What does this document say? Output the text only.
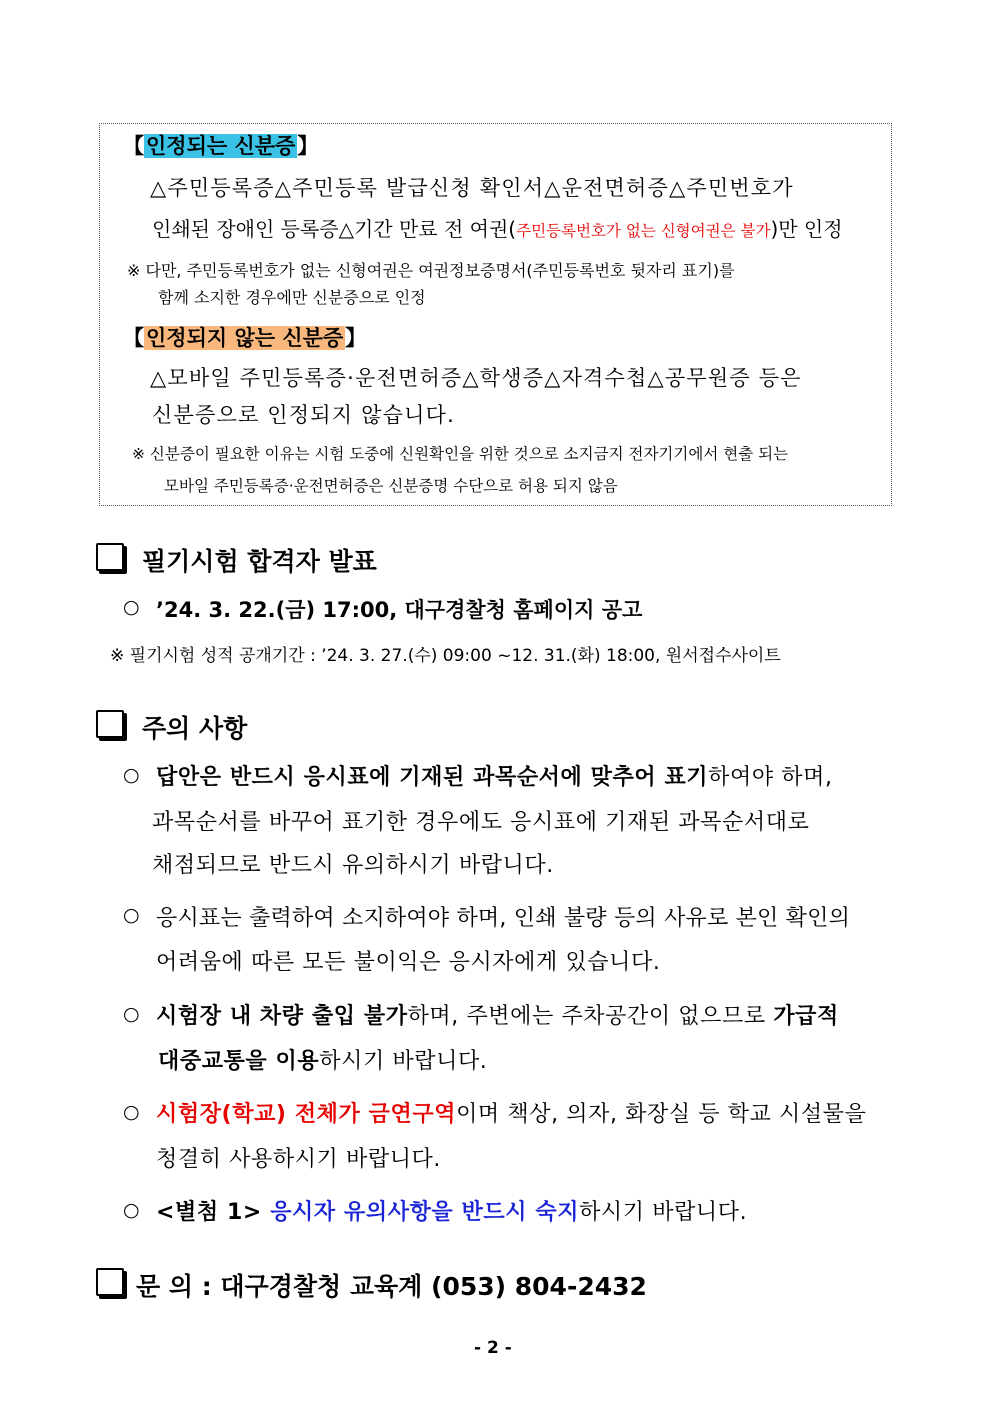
【인정되는 신분증】
△주민등록증△주민등록 발급신청 확인서△운전면허증△주민번호가
인쇄된 장애인 등록증△기간 만료 전 여권(주민등록번호가 없는 신형여권은 불가)만 인정
※ 다만, 주민등록번호가 없는 신형여권은 여권정보증명서(주민등록번호 뒷자리 표기)를
함께 소지한 경우에만 신분증으로 인정
【인정되지 않는 신분증】
△모바일 주민등록증·운전면허증△학생증△자격수첩△공무원증 등은
신분증으로 인정되지 않습니다.
※ 신분증이 필요한 이유는 시험 도중에 신원확인을 위한 것으로 소지금지 전자기기에서 현출 되는
모바일 주민등록증·운전면허증은 신분증명 수단으로 허용 되지 않음
필기시험 합격자 발표
○ ’24. 3. 22.(금) 17:00, 대구경찰청 홈페이지 공고
※ 필기시험 성적 공개기간 : ’24. 3. 27.(수) 09:00 ~12. 31.(화) 18:00, 원서접수사이트
주의 사항
○ 답안은 반드시 응시표에 기재된 과목순서에 맞추어 표기하여야 하며,
과목순서를 바꾸어 표기한 경우에도 응시표에 기재된 과목순서대로
채점되므로 반드시 유의하시기 바랍니다.
○ 응시표는 출력하여 소지하여야 하며, 인쇄 불량 등의 사유로 본인 확인의
어려움에 따른 모든 불이익은 응시자에게 있습니다.
○ 시험장 내 차량 출입 불가하며, 주변에는 주차공간이 없으므로 가급적
대중교통을 이용하시기 바랍니다.
○ 시험장(학교) 전체가 금연구역이며 책상, 의자, 화장실 등 학교 시설물을
청결히 사용하시기 바랍니다.
○ <별첨 1> 응시자 유의사항을 반드시 숙지하시기 바랍니다.
문 의 : 대구경찰청 교육계 (053) 804-2432
- 2 -
